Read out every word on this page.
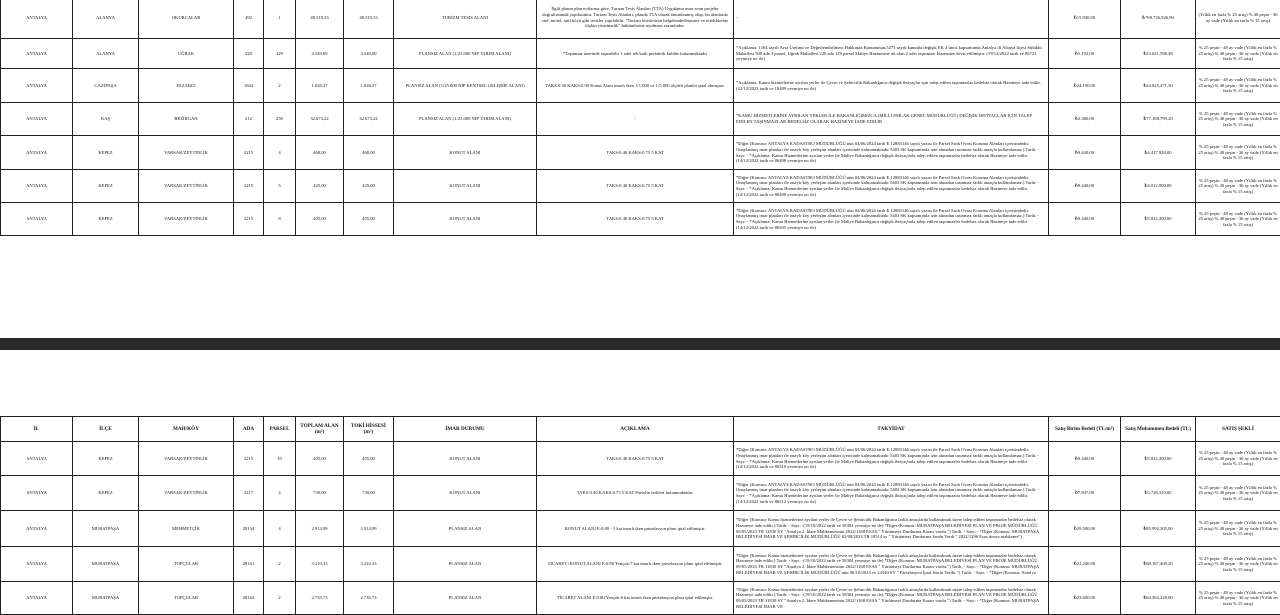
ANTALYA	ALANYA	OKURCALAR	492	1	48.319,33	48.319,33	TURİZM TESİS ALANI	İlgili planın plan notlarına göre, Turizm Tesis Alanları (TTA) Uygulama imar avan projeler doğrultusunda yapılacaktır. Turizm Tesis Alanları, planda TTA olarak tanımlanmış olup, bu alanlarda otel, motel, tatil köyü gibi tesisler yapılabilir. "Turizm tesislerinin belgelendirilmesine ve niteliklerine ilişkin yönetmelik" hükümlerine uyulması zorunludur.	-	₺15.930,00	₺769.726,926,90	(Yıllık en fazla % 25 artış) % 40 peşin - 36 ay vade (Yıllık en fazla % 15 artış)

ANTALYA	ALANYA	UĞRAK	220	129	4.549,69	4.549,69	PLANSIZ ALAN (1/25.000 NİP TARIM ALANI)	*Taşınmaz üzerinde taşınabilir 1 adet tek katlı prefabrik kulübe bulunmaktadır	*Açıklama: 1164 sayılı Arsa Üretimi ve Değerlendirilmesi Hakkında Kanununun,5273 sayılı kanunla değişik EK 4 üncü kapsamında,Antalya ili Alanya ilçesi Sülüklü Mahallesi 500 ada 3 parsel, Uğrak Mahallesi 220 ada 129 parsel Maliye Hazinesine ait olan 2 adet taşınmazı İdaremize devir edilmiştir. (19/12/2022 tarih ve 86721 yevmiye no ile)	₺5.192,00	₺23.621,590,48	% 25 peşin - 48 ay vade (Yıllık en fazla % 25 artış) % 40 peşin - 36 ay vade (Yıllık en fazla % 15 artış)

ANTALYA	GAZİPAŞA	PAZARCI	1844	2	1.026,27	1.026,27	PLANSIZ ALAN (1/25.000 NİP KENTSEL GELİŞME ALANI)	TAKS:0.30 KAKS:0.90 Konut Alanı imarlı iken 1/1.000 ve 1/5.000 ölçekli planlar iptal olmuştur.	*Açıklama: Kamu hizmetlerine ayrılan yerler ile Çevre ve Şehircilik Bakanlığınca değişik ihtiyaçlar için talep edilen taşınmazlar bedelsiz olarak Hazineye iade edilir. (22/12/2023 tarih ve 18489 yevmiye no ile)	₺24.190,00	₺24.825,471,30	% 25 peşin - 48 ay vade (Yıllık en fazla % 25 artış) % 40 peşin - 36 ay vade (Yıllık en fazla % 15 artış)

ANTALYA	KAŞ	BEZİRGAN	212	250	32.673,22	32.673,22	PLANSIZ ALAN (1/25.000 NİP TARIM ALANI)	-	*KAMU HİZMETLERİNE AYRILAN YERLER İLE BAKANLIĞIMIZCA (MİLLİ EMLAK GENEL MÜDÜRLÜĞÜ) DEĞİŞİK İHTİYAÇLAR İÇİN TALEP EDİLEN TAŞINMAZLAR BEDELSİZ OLARAK HAZİNEYE İADE EDİLİR	₺2.360,00	₺77.108,799,20	% 25 peşin - 48 ay vade (Yıllık en fazla % 25 artış) % 40 peşin - 36 ay vade (Yıllık en fazla % 15 artış)

ANTALYA	KEPEZ	VARSAK/ZEYTİNLİK	2215	4	468,00	468,00	KONUT ALANI	TAKS:0.40 KAKS:0.75 5 KAT	*Diğer (Konusu: ANTALYA KADASTRO MÜDÜRLÜĞÜ nün 04/06/2024 tarih E.12883146 sayılı yazısı ile Parsel Sırık Ovası Koruma Alanları içerisindedir. Onaylanmış imar planları ile onaylı köy yerleşim alanları içerisinde kalmamaktadır 5403 SK kapsamında izin alınadan tasınmaz farklı amaçla kullanılamaz.) Tarih: - Sayı: - *Açıklama: Kamu Hizmetlerine ayrılan yerler ile Maliye Bakanlığınca değişik ihtiyaçlarla talep edilen taşınmazlar bedelsiz olarak Hazineye iade edilir. (14/12/2022 tarih ve 86498 yevmiye no ile)	₺9.440,00	₺4.417,920,00	% 25 peşin - 48 ay vade (Yıllık en fazla % 25 artış) % 40 peşin - 36 ay vade (Yıllık en fazla % 15 artış)

ANTALYA	KEPEZ	VARSAK/ZEYTİNLİK	2215	5	425,00	425,00	KONUT ALANI	TAKS:0.40 KAKS:0.75 5 KAT	*Diğer (Konusu: ANTALYA KADASTRO MÜDÜRLÜĞÜ nün 04/06/2024 tarih E.12883146 sayılı yazısı ile Parsel Sırık Ovası Koruma Alanları içerisindedir. Onaylanmış imar planları ile onaylı köy yerleşim alanları içerisinde kalmamaktadır 5403 SK kapsamında izin alınadan tasınmaz farklı amaçla kullanılamaz.) Tarih: - Sayı: - *Açıklama: Kamu Hizmetlerine ayrılan yerler ile Maliye Bakanlığınca değişik ihtiyaçlarla talep edilen taşınmazlar bedelsiz olarak Hazineye iade edilir. (14/12/2022 tarih ve 86498 yevmiye no ile)	₺9.440,00	₺4.012,000,00	% 25 peşin - 48 ay vade (Yıllık en fazla % 25 artış) % 40 peşin - 36 ay vade (Yıllık en fazla % 15 artış)

ANTALYA	KEPEZ	VARSAK/ZEYTİNLİK	2215	8	405,00	405,00	KONUT ALANI	TAKS:0.40 KAKS:0.75 5 KAT	*Diğer (Konusu: ANTALYA KADASTRO MÜDÜRLÜĞÜ nün 04/06/2024 tarih E.12883146 sayılı yazısı ile Parsel Sırık Ovası Koruma Alanları içerisindedir. Onaylanmış imar planları ile onaylı köy yerleşim alanları içerisinde kalmamaktadır 5403 SK kapsamında izin alınadan tasınmaz farklı amaçla kullanılamaz.) Tarih: - Sayı: - *Açıklama: Kamu Hizmetlerine ayrılan yerler ile Maliye Bakanlığınca değişik ihtiyaçlarla talep edilen taşınmazlar bedelsiz olarak Hazineye iade edilir. (14/12/2022 tarih ve 86505 yevmiye no ile)	₺9.440,00	₺3.823,200,00	% 25 peşin - 48 ay vade (Yıllık en fazla % 25 artış) % 40 peşin - 36 ay vade (Yıllık en fazla % 15 artış)
İL	İLÇE	MAH/KÖY	ADA	PARSEL	TOPLAM ALAN (m²)	TOKİ HİSSESİ (m²)	İMAR DURUMU	AÇIKLAMA	TAKYİDAT	Satış Birim Bedeli (TL/m²)	Satış Muhammen Bedeli (TL)	SATIŞ ŞEKLİ

ANTALYA	KEPEZ	VARSAK/ZEYTİNLİK	2215	10	405,00	405,00	KONUT ALANI	TAKS:0.40 KAKS:0.75 5 KAT	*Diğer (Konusu: ANTALYA KADASTRO MÜDÜRLÜĞÜ nün 04/06/2024 tarih E.12883146 sayılı yazısı ile Parsel Sırık Ovası Koruma Alanları içerisindedir. Onaylanmış imar planları ile onaylı köy yerleşim alanları içerisinde kalmamaktadır 5403 SK kapsamında izin alınadan tasınmaz farklı amaçla kullanılamaz.) Tarih: - Sayı: - *Açıklama: Kamu Hizmetlerine ayrılan yerler ile Maliye Bakanlığınca değişik ihtiyaçlarla talep edilen taşınmazlar bedelsiz olarak Hazineye iade edilir. (14/12/2022 tarih ve 86510 yevmiye no ile)	₺9.440,00	₺3.823,200,00	% 25 peşin - 48 ay vade (Yıllık en fazla % 25 artış) % 40 peşin - 36 ay vade (Yıllık en fazla % 15 artış)

ANTALYA	KEPEZ	VARSAK/ZEYTİNLİK	2217	4	730,00	730,00	KONUT ALANI	TAKS:0.40 KAKS:0.75 5 KAT Parselin terkleri bulunmaktadır.	*Diğer (Konusu: ANTALYA KADASTRO MÜDÜRLÜĞÜ nün 04/06/2024 tarih E.12883146 sayılı yazısı ile Parsel Sırık Ovası Koruma Alanları içerisindedir. Onaylanmış imar planları ile onaylı köy yerleşim alanları içerisinde kalmamaktadır 5403 SK kapsamında izin alınadan tasınmaz farklı amaçla kullanılamaz.) Tarih: - Sayı: - *Açıklama: Kamu Hizmetlerine ayrılan yerler ile Maliye Bakanlığınca değişik ihtiyaçlarla talep edilen taşınmazlar bedelsiz olarak Hazineye iade edilir. (14/12/2022 tarih ve 86512 yevmiye no ile)	₺7.847,00	₺5.728,310,00	% 25 peşin - 48 ay vade (Yıllık en fazla % 25 artış) % 40 peşin - 36 ay vade (Yıllık en fazla % 15 artış)

ANTALYA	MURATPAŞA	MEHMETÇİK	28134	4	2.914,99	2.914,99	PLANSIZ ALAN	KONUT ALANI E:0.80 - 5 kat imarlı iken parselasyon planı iptal edilmiştir.	*Diğer (Konusu: Kamu hizmetlerine ayrılan yerler ile Çevre ve Şehircilik Bakanlığınca farklı amaçlarda kullanılmak üzere talep edilen taşınmazlar bedelsiz olarak Hazineye iade edilir.) Tarih: - Sayı: -(19/10/2022 tarih ve 58304 yevmiye no ile) *Diğer (Konusu: MURATPAŞA BELEDİYESİ PLAN VE PROJE MÜDÜRLÜĞÜ 09/05/2023 TR 11830 SY "Antalya 2. İdare Mahkemesinin 2022/1168 ESAS " Yürütmeyi Durdurma Kararı vardır.") Tarih: - Sayı: - *Diğer (Konusu: MURATPAŞA BELEDİYESİ İMAR VE ŞEHİRCİLİK MÜDÜRLÜĞÜ 02/08/2023 TR 18514 sy " Yürütmeyi Durdurma Sonlu Verdi " 2022/1296 Esas dosya mahkeme")	₺29.500,00	₺85.992,205,00	% 25 peşin - 48 ay vade (Yıllık en fazla % 25 artış) % 40 peşin - 36 ay vade (Yıllık en fazla % 15 artış)

ANTALYA	MURATPAŞA	TOPÇULAR	28161	2	3.210,33	3.210,33	PLANSIZ ALAN	TİCARET+KONUT ALANI E:0.80 Yençok:7 kat imarlı iken parselasyon planı iptal edilmiştir.	*Diğer (Konusu: Kamu hizmetlerine ayrılan yerler ile Çevre ve Şehircilik Bakanlığınca farklı amaçlarda kullanılmak üzere talep edilen taşınmazlar bedelsiz olarak Hazineye iade edilir.) Tarih: - Sayı: -(19/10/2022 tarih ve 58304 yevmiye no ile) *Diğer (Konusu: MURATPAŞA BELEDİYESİ PLAN VE PROJE MÜDÜRLÜĞÜ 09/05/2023 TR 11830 SY "Antalya 2. İdare Mahkemesinin 2022/1168 ESAS " Yürütmeyi Durdurma Kararı vardır.") Tarih: - Sayı: - *Diğer (Konusu: MURATPAŞA BELEDİYESİ İMAR VE ŞEHİRCİLİK MÜDÜRLÜĞÜ nün 06/10/2023 ve 24340 SY " Parselasyon İptal Sonlu Verdir ") Tarih: - Sayı: - *Diğer (Konusu: Antalya	₺21.240,00	₺68.187,409,20	% 25 peşin - 48 ay vade (Yıllık en fazla % 25 artış) % 40 peşin - 36 ay vade (Yıllık en fazla % 15 artış)

ANTALYA	MURATPAŞA	TOPÇULAR	28162	2	2.735,73	2.735,73	PLANSIZ ALAN	TİCARET ALANI E:0.80 Yençok:6 kat imarlı iken parselasyon planı iptal edilmiştir.	*Diğer (Konusu: Kamu hizmetlerine ayrılan yerler ile Çevre ve Şehircilik Bakanlığınca farklı amaçlarda kullanılmak üzere talep edilen taşınmazlar bedelsiz olarak Hazineye iade edilir.) Tarih: - Sayı: -(19/10/2022 tarih ve 58304 yevmiye no ile) *Diğer (Konusu: MURATPAŞA BELEDİYESİ PLAN VE PROJE MÜDÜRLÜĞÜ 09/05/2023 TR 11830 SY "Antalya 2. İdare Mahkemesinin 2022/1168 ESAS " Yürütmeyi Durdurma Kararı vardır.") Tarih: - Sayı: - *Diğer (Konusu: MURATPAŞA BELEDİYESİ İMAR VE	₺23.600,00	₺64.563,228,00	% 25 peşin - 48 ay vade (Yıllık en fazla % 25 artış) % 40 peşin - 36 ay vade (Yıllık en fazla % 15 artış)
